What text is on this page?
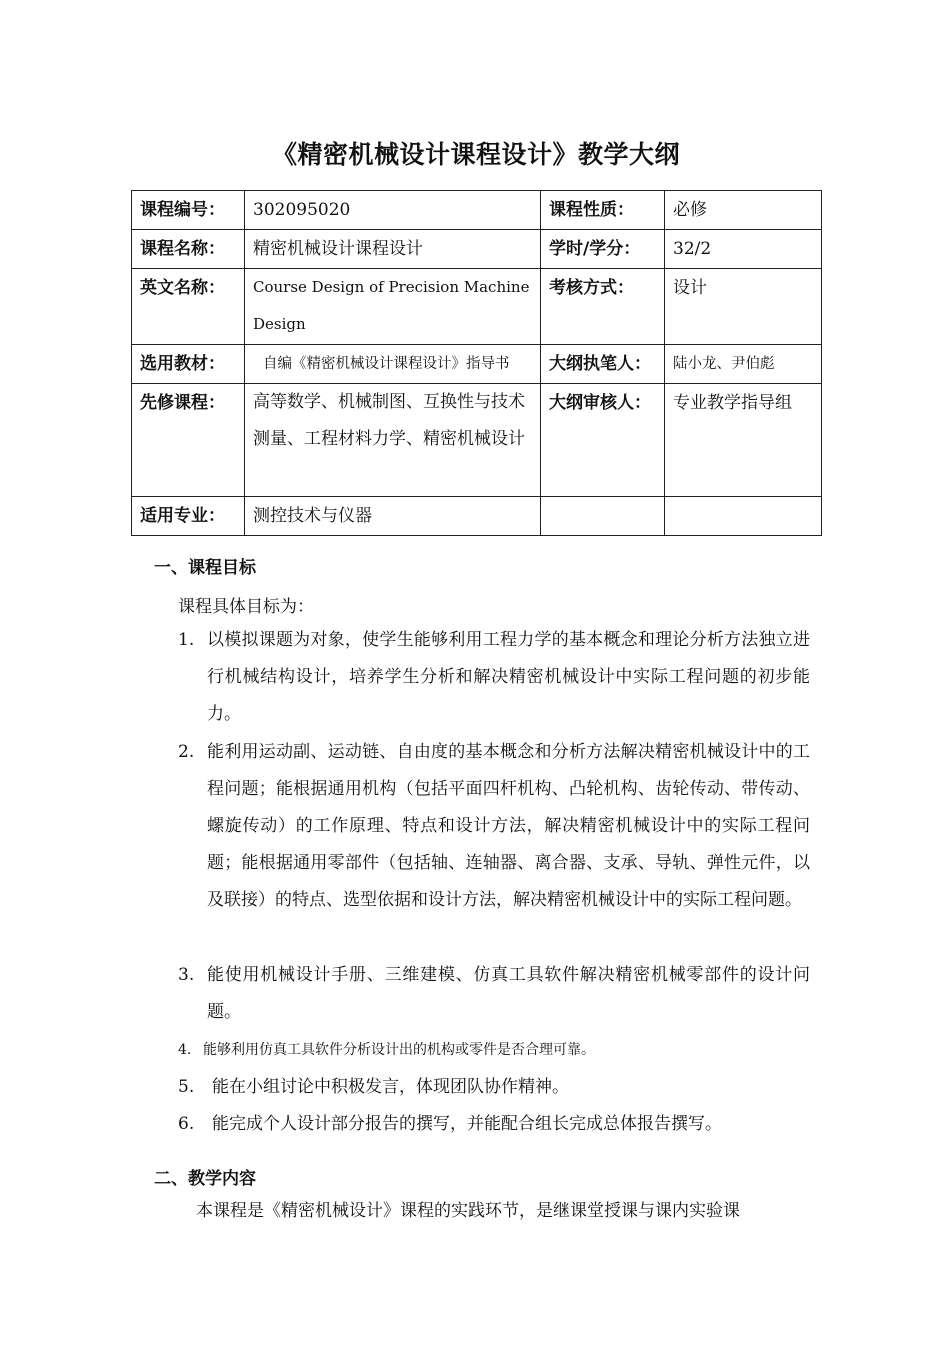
《精密机械设计课程设计》教学大纲
课程编号：	302095020	课程性质：	必修
课程名称：	精密机械设计课程设计	学时/学分：	32/2
英文名称：	Course Design of Precision Machine Design	考核方式：	设计
选用教材：	自编《精密机械设计课程设计》指导书	大纲执笔人：	陆小龙、尹伯彪
先修课程：	高等数学、机械制图、互换性与技术测量、工程材料力学、精密机械设计	大纲审核人：	专业教学指导组
适用专业：	测控技术与仪器		
一、课程目标
课程具体目标为：
1. 以模拟课题为对象，使学生能够利用工程力学的基本概念和理论分析方法独立进行机械结构设计，培养学生分析和解决精密机械设计中实际工程问题的初步能力。
2. 能利用运动副、运动链、自由度的基本概念和分析方法解决精密机械设计中的工程问题；能根据通用机构（包括平面四杆机构、凸轮机构、齿轮传动、带传动、螺旋传动）的工作原理、特点和设计方法，解决精密机械设计中的实际工程问题；能根据通用零部件（包括轴、连轴器、离合器、支承、导轨、弹性元件，以及联接）的特点、选型依据和设计方法，解决精密机械设计中的实际工程问题。
3. 能使用机械设计手册、三维建模、仿真工具软件解决精密机械零部件的设计问题。
4. 能够利用仿真工具软件分析设计出的机构或零件是否合理可靠。
5.	能在小组讨论中积极发言，体现团队协作精神。
6.	能完成个人设计部分报告的撰写，并能配合组长完成总体报告撰写。
二、教学内容
本课程是《精密机械设计》课程的实践环节，是继课堂授课与课内实验课
